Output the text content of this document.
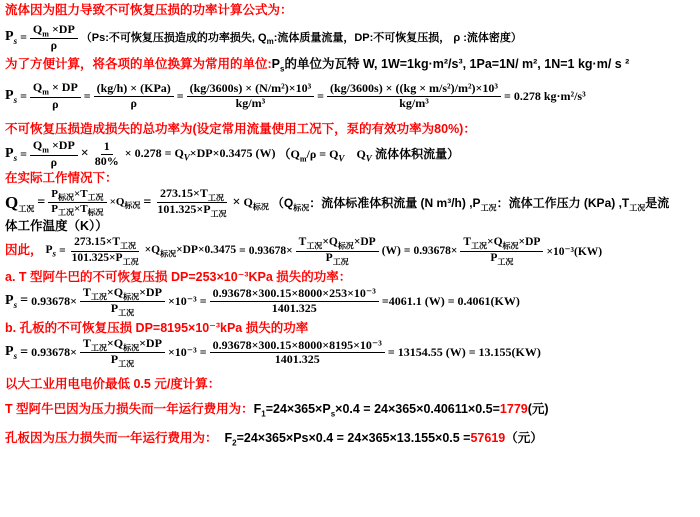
流体因为阻力导致不可恢复压损的功率计算公式为：
$P_s = \frac{Q_m \times DP}{\rho} (Ps$:不可恢复压损造成的功率损失, $Q_m$:流体质量流量，DP:不可恢复压损， ρ :流体密度）
为了方便计算，将各项的单位换算为常用的单位$:P_s$的单位为瓦特 W, 1W=1kg·m²/s³, 1Pa=1N/ m², 1N=1 kg·m/ s ²
$P_s = \frac{Q_m \times DP}{\rho} = \frac{\text{(kg/h) × (KPa)}}{\rho} = \frac{\text{(kg/3600s) × (N/m²)×10³}}{\text{kg/m³}} = \frac{\text{(kg/3600s) × ((kg × m/s²)/m²)×10³}}{\text{kg/m³}} = 0.278$ kg·m²/s³
不可恢复压损造成损失的总功率为(设定常用流量使用工况下，泵的有效功率为80%)：
$P_s = \frac{Q_m \times DP}{\rho} \times \frac{1}{80\%} \times 0.278 = Q_V\times DP\times 0.3475$ (W) （$Q_m/\rho = Q_V$ $Q_V$ 流体体积流量）
在实际工作情况下：
$Q_{工况} = \frac{P_{标况}\times T_{工况}}{P_{工况}\times T_{标况}} \times Q_{标况} = \frac{273.15\times T_{工况}}{101.325\times P_{工况}} \times Q_{标况}$ （$Q_{标况}$：流体标准体积流量 (N m³/h) $,P_{工况}$：流体工作压力 (KPa) $,T_{工况}$是流
体工作温度（K））
因此， $P_s = \frac{273.15\times T_{工况}}{101.325\times P_{工况}} \times Q_{标况}\times DP\times 0.3475 = 0.93678\times \frac{T_{工况}\times Q_{标况}\times DP}{P_{工况}} (W) = 0.93678\times \frac{T_{工况}\times Q_{标况}\times DP}{P_{工况}} \times 10^{-3}(KW)$
a. T 型阿牛巴的不可恢复压损 DP=253×10⁻³KPa 损失的功率：
$P_s = 0.93678\times \frac{T_{工况}\times Q_{标况}\times DP}{P_{工况}} \times 10^{-3} = \frac{\text{0.93678×300.15×8000×253×10⁻³}}{1401.325} =4061.1$ (W) = 0.4061(KW)
b. 孔板的不可恢复压损 DP=8195×10⁻³kPa 损失的功率
$P_s = 0.93678\times \frac{T_{工况}\times Q_{标况}\times DP}{P_{工况}} \times 10^{-3} = \frac{\text{0.93678×300.15×8000×8195×10⁻³}}{1401.325} = 13154.55$ (W) = 13.155(KW)
以大工业用电电价最低 0.5 元/度计算：
T 型阿牛巴因为压力损失而一年运行费用为：$F_1=24\times 365\times P_s\times 0.4 = 24\times 365\times 0.40611\times 0.5=1779$(元)
孔板因为压力损失而一年运行费用为： $F_2=24\times 365\times Ps\times 0.4 = 24\times 365\times 13.155\times 0.5 =57619$（元）
